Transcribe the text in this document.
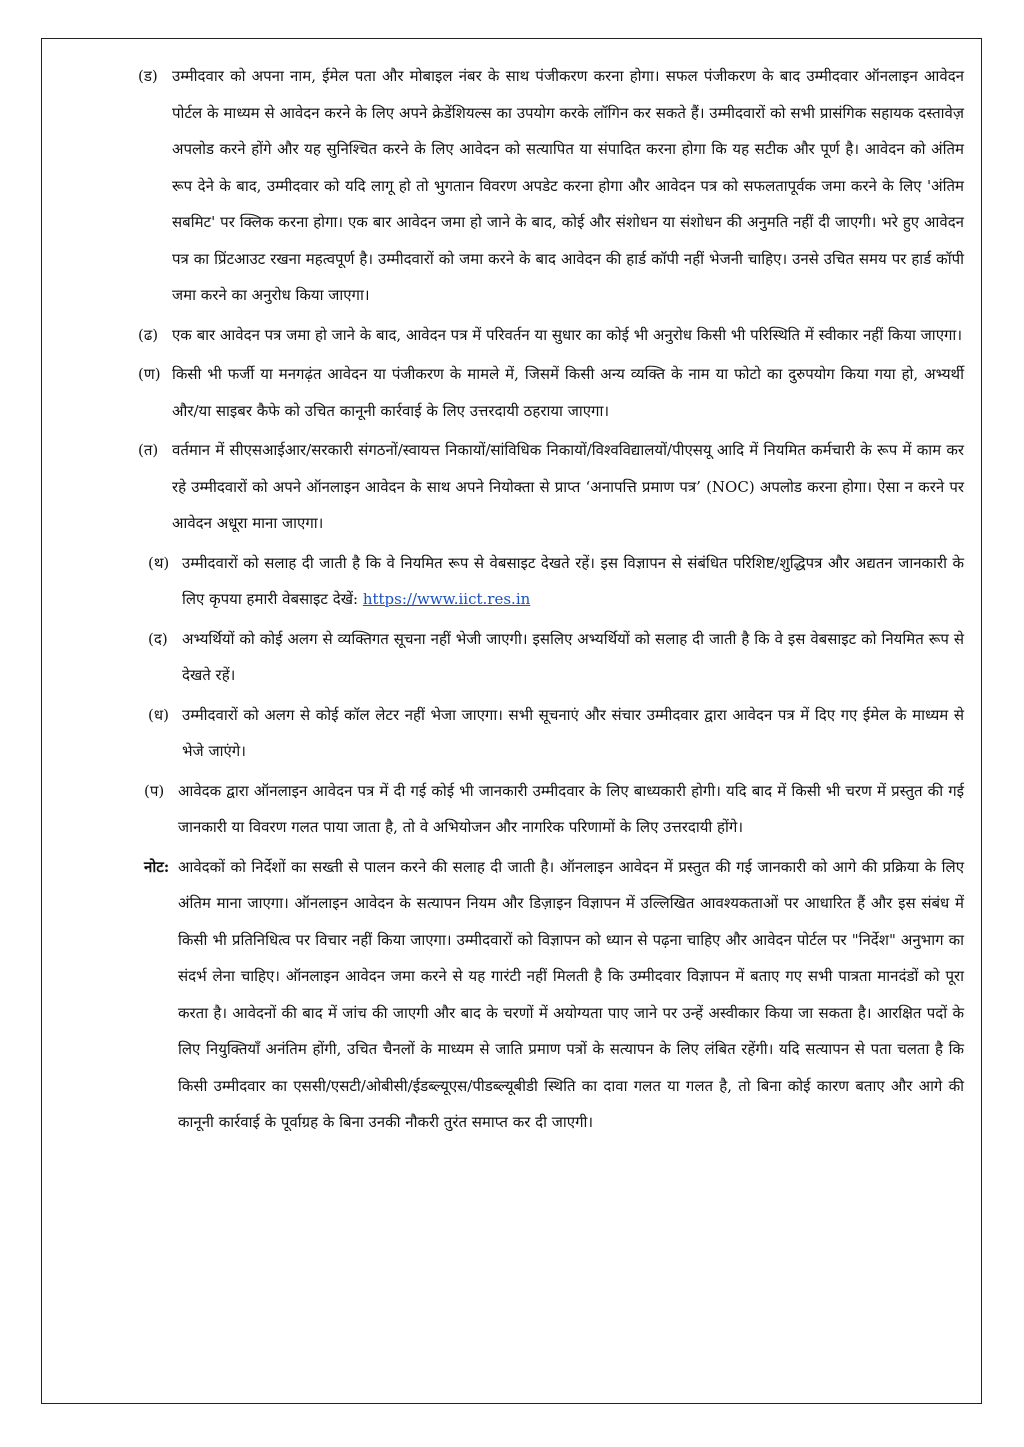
(ड) उम्मीदवार को अपना नाम, ईमेल पता और मोबाइल नंबर के साथ पंजीकरण करना होगा। सफल पंजीकरण के बाद उम्मीदवार ऑनलाइन आवेदन पोर्टल के माध्यम से आवेदन करने के लिए अपने क्रेडेंशियल्स का उपयोग करके लॉगिन कर सकते हैं। उम्मीदवारों को सभी प्रासंगिक सहायक दस्तावेज़ अपलोड करने होंगे और यह सुनिश्चित करने के लिए आवेदन को सत्यापित या संपादित करना होगा कि यह सटीक और पूर्ण है। आवेदन को अंतिम रूप देने के बाद, उम्मीदवार को यदि लागू हो तो भुगतान विवरण अपडेट करना होगा और आवेदन पत्र को सफलतापूर्वक जमा करने के लिए 'अंतिम सबमिट' पर क्लिक करना होगा। एक बार आवेदन जमा हो जाने के बाद, कोई और संशोधन या संशोधन की अनुमति नहीं दी जाएगी। भरे हुए आवेदन पत्र का प्रिंटआउट रखना महत्वपूर्ण है। उम्मीदवारों को जमा करने के बाद आवेदन की हार्ड कॉपी नहीं भेजनी चाहिए। उनसे उचित समय पर हार्ड कॉपी जमा करने का अनुरोध किया जाएगा।
(ढ) एक बार आवेदन पत्र जमा हो जाने के बाद, आवेदन पत्र में परिवर्तन या सुधार का कोई भी अनुरोध किसी भी परिस्थिति में स्वीकार नहीं किया जाएगा।
(ण) किसी भी फर्जी या मनगढ़ंत आवेदन या पंजीकरण के मामले में, जिसमें किसी अन्य व्यक्ति के नाम या फोटो का दुरुपयोग किया गया हो, अभ्यर्थी और/या साइबर कैफे को उचित कानूनी कार्रवाई के लिए उत्तरदायी ठहराया जाएगा।
(त) वर्तमान में सीएसआईआर/सरकारी संगठनों/स्वायत्त निकायों/सांविधिक निकायों/विश्वविद्यालयों/पीएसयू आदि में नियमित कर्मचारी के रूप में काम कर रहे उम्मीदवारों को अपने ऑनलाइन आवेदन के साथ अपने नियोक्ता से प्राप्त ‘अनापत्ति प्रमाण पत्र’ (NOC) अपलोड करना होगा। ऐसा न करने पर आवेदन अधूरा माना जाएगा।
(थ) उम्मीदवारों को सलाह दी जाती है कि वे नियमित रूप से वेबसाइट देखते रहें। इस विज्ञापन से संबंधित परिशिष्ट/शुद्धिपत्र और अद्यतन जानकारी के लिए कृपया हमारी वेबसाइट देखें: https://www.iict.res.in
(द) अभ्यर्थियों को कोई अलग से व्यक्तिगत सूचना नहीं भेजी जाएगी। इसलिए अभ्यर्थियों को सलाह दी जाती है कि वे इस वेबसाइट को नियमित रूप से देखते रहें।
(ध) उम्मीदवारों को अलग से कोई कॉल लेटर नहीं भेजा जाएगा। सभी सूचनाएं और संचार उम्मीदवार द्वारा आवेदन पत्र में दिए गए ईमेल के माध्यम से भेजे जाएंगे।
(प) आवेदक द्वारा ऑनलाइन आवेदन पत्र में दी गई कोई भी जानकारी उम्मीदवार के लिए बाध्यकारी होगी। यदि बाद में किसी भी चरण में प्रस्तुत की गई जानकारी या विवरण गलत पाया जाता है, तो वे अभियोजन और नागरिक परिणामों के लिए उत्तरदायी होंगे।
नोट: आवेदकों को निर्देशों का सख्ती से पालन करने की सलाह दी जाती है। ऑनलाइन आवेदन में प्रस्तुत की गई जानकारी को आगे की प्रक्रिया के लिए अंतिम माना जाएगा। ऑनलाइन आवेदन के सत्यापन नियम और डिज़ाइन विज्ञापन में उल्लिखित आवश्यकताओं पर आधारित हैं और इस संबंध में किसी भी प्रतिनिधित्व पर विचार नहीं किया जाएगा। उम्मीदवारों को विज्ञापन को ध्यान से पढ़ना चाहिए और आवेदन पोर्टल पर "निर्देश" अनुभाग का संदर्भ लेना चाहिए। ऑनलाइन आवेदन जमा करने से यह गारंटी नहीं मिलती है कि उम्मीदवार विज्ञापन में बताए गए सभी पात्रता मानदंडों को पूरा करता है। आवेदनों की बाद में जांच की जाएगी और बाद के चरणों में अयोग्यता पाए जाने पर उन्हें अस्वीकार किया जा सकता है। आरक्षित पदों के लिए नियुक्तियाँ अनंतिम होंगी, उचित चैनलों के माध्यम से जाति प्रमाण पत्रों के सत्यापन के लिए लंबित रहेंगी। यदि सत्यापन से पता चलता है कि किसी उम्मीदवार का एससी/एसटी/ओबीसी/ईडब्ल्यूएस/पीडब्ल्यूबीडी स्थिति का दावा गलत या गलत है, तो बिना कोई कारण बताए और आगे की कानूनी कार्रवाई के पूर्वाग्रह के बिना उनकी नौकरी तुरंत समाप्त कर दी जाएगी।
